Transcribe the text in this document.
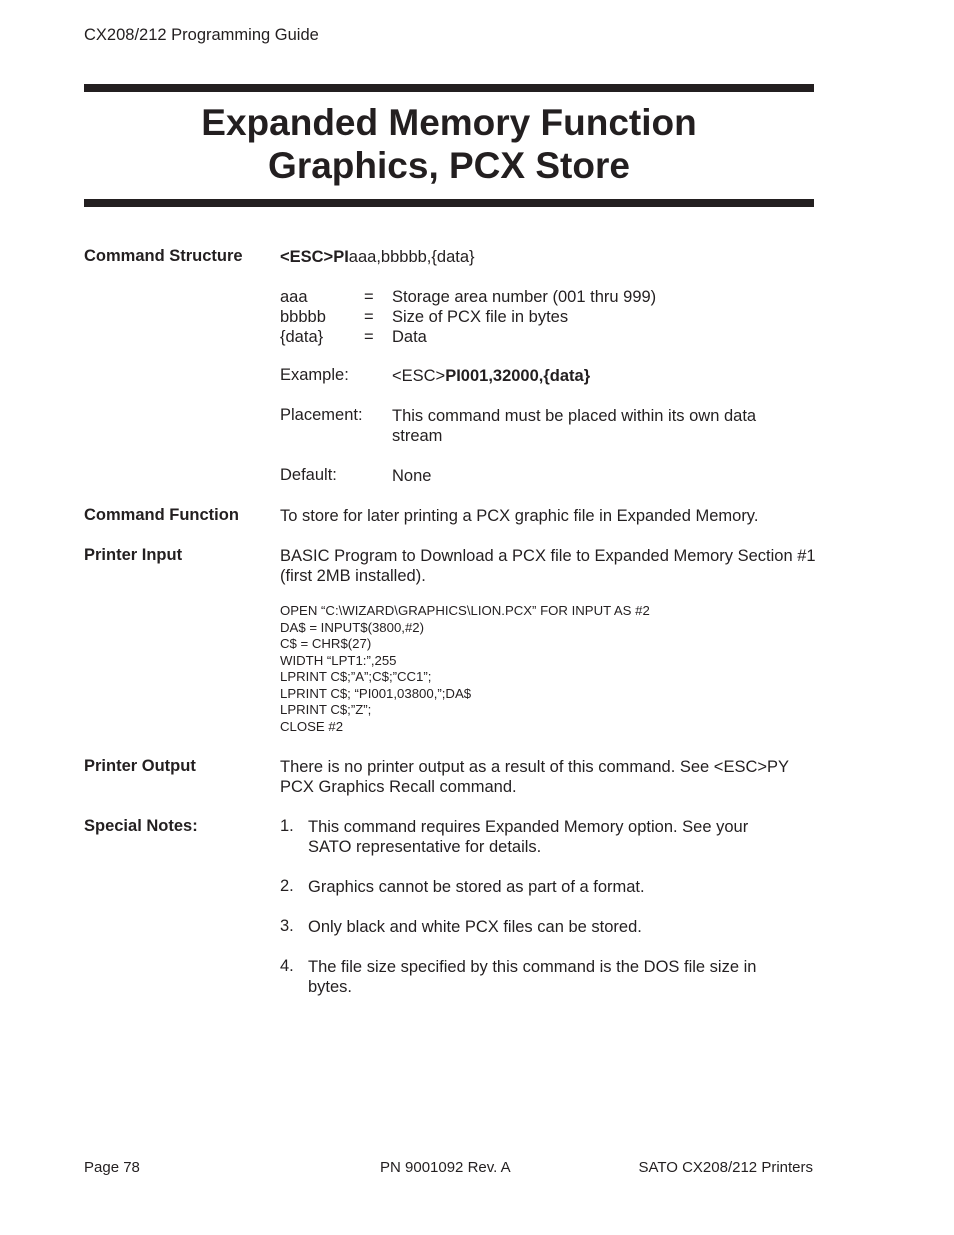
CX208/212 Programming Guide
Expanded Memory Function
Graphics, PCX Store
Command Structure <ESC>PIaaa,bbbbb,{data}
aaa	= Storage area number (001 thru 999)
bbbbb = Size of PCX file in bytes
{data} = Data
Example:	<ESC>PI001,32000,{data}
Placement: This command must be placed within its own data stream
Default:	None
Command Function To store for later printing a PCX graphic file in Expanded Memory.
Printer Input	BASIC Program to Download a PCX file to Expanded Memory Section #1 (first 2MB installed).
OPEN “C:\WIZARD\GRAPHICS\LION.PCX” FOR INPUT AS #2
DA$ = INPUT$(3800,#2)
C$ = CHR$(27)
WIDTH “LPT1:”,255
LPRINT C$;”A”;C$;”CC1”;
LPRINT C$; “PI001,03800,”;DA$
LPRINT C$;”Z”;
CLOSE #2
Printer Output	There is no printer output as a result of this command. See <ESC>PY PCX Graphics Recall command.
Special Notes:	1. This command requires Expanded Memory option. See your SATO representative for details.
2. Graphics cannot be stored as part of a format.
3. Only black and white PCX files can be stored.
4. The file size specified by this command is the DOS file size in bytes.
Page 78	PN 9001092 Rev. A	SATO CX208/212 Printers
